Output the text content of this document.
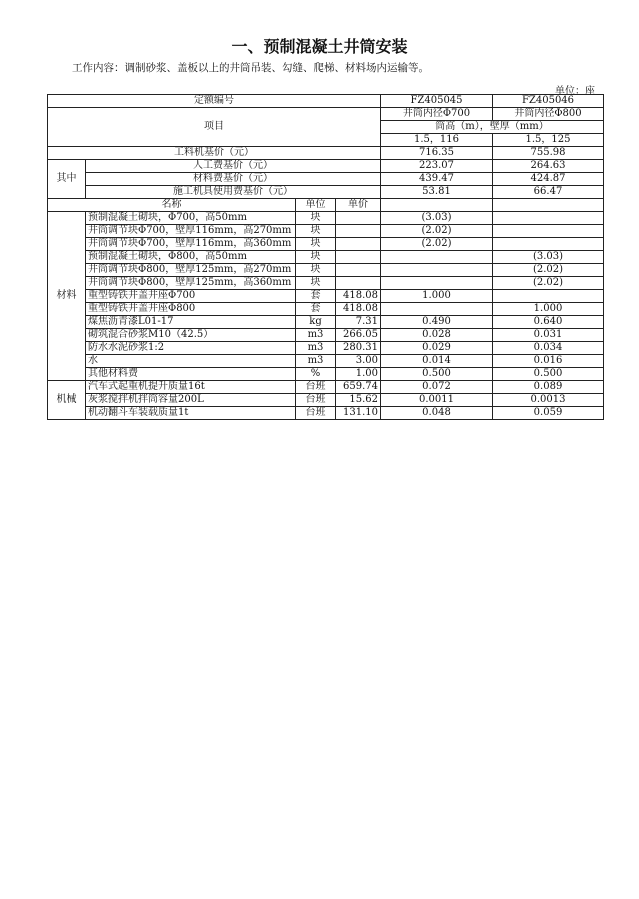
一、预制混凝土井筒安装
工作内容：调制砂浆、盖板以上的井筒吊装、勾缝、爬梯、材料场内运输等。
单位：座
定额编号				FZ405045	FZ405046
项目				井筒内径Φ700	井筒内径Φ800
				筒高（m），壁厚（mm）	
				1.5，116	1.5，125
工料机基价（元）				716.35	755.98
其中	人工费基价（元）			223.07	264.63
	材料费基价（元）			439.47	424.87
	施工机具使用费基价（元）			53.81	66.47
名称		单位	单价		
材料	预制混凝土砌块，Φ700，高50mm	块		(3.03)	
	井筒调节块Φ700，壁厚116mm，高270mm	块		(2.02)	
	井筒调节块Φ700，壁厚116mm，高360mm	块		(2.02)	
	预制混凝土砌块，Φ800，高50mm	块			(3.03)
	井筒调节块Φ800，壁厚125mm，高270mm	块			(2.02)
	井筒调节块Φ800，壁厚125mm，高360mm	块			(2.02)
	重型铸铁井盖井座Φ700	套	418.08	1.000	
	重型铸铁井盖井座Φ800	套	418.08		1.000
	煤焦沥青漆L01-17	kg	7.31	0.490	0.640
	砌筑混合砂浆M10（42.5）	m3	266.05	0.028	0.031
	防水水泥砂浆1:2	m3	280.31	0.029	0.034
	水	m3	3.00	0.014	0.016
	其他材料费	%	1.00	0.500	0.500
机械	汽车式起重机提升质量16t	台班	659.74	0.072	0.089
	灰浆搅拌机拌筒容量200L	台班	15.62	0.0011	0.0013
	机动翻斗车装载质量1t	台班	131.10	0.048	0.059
